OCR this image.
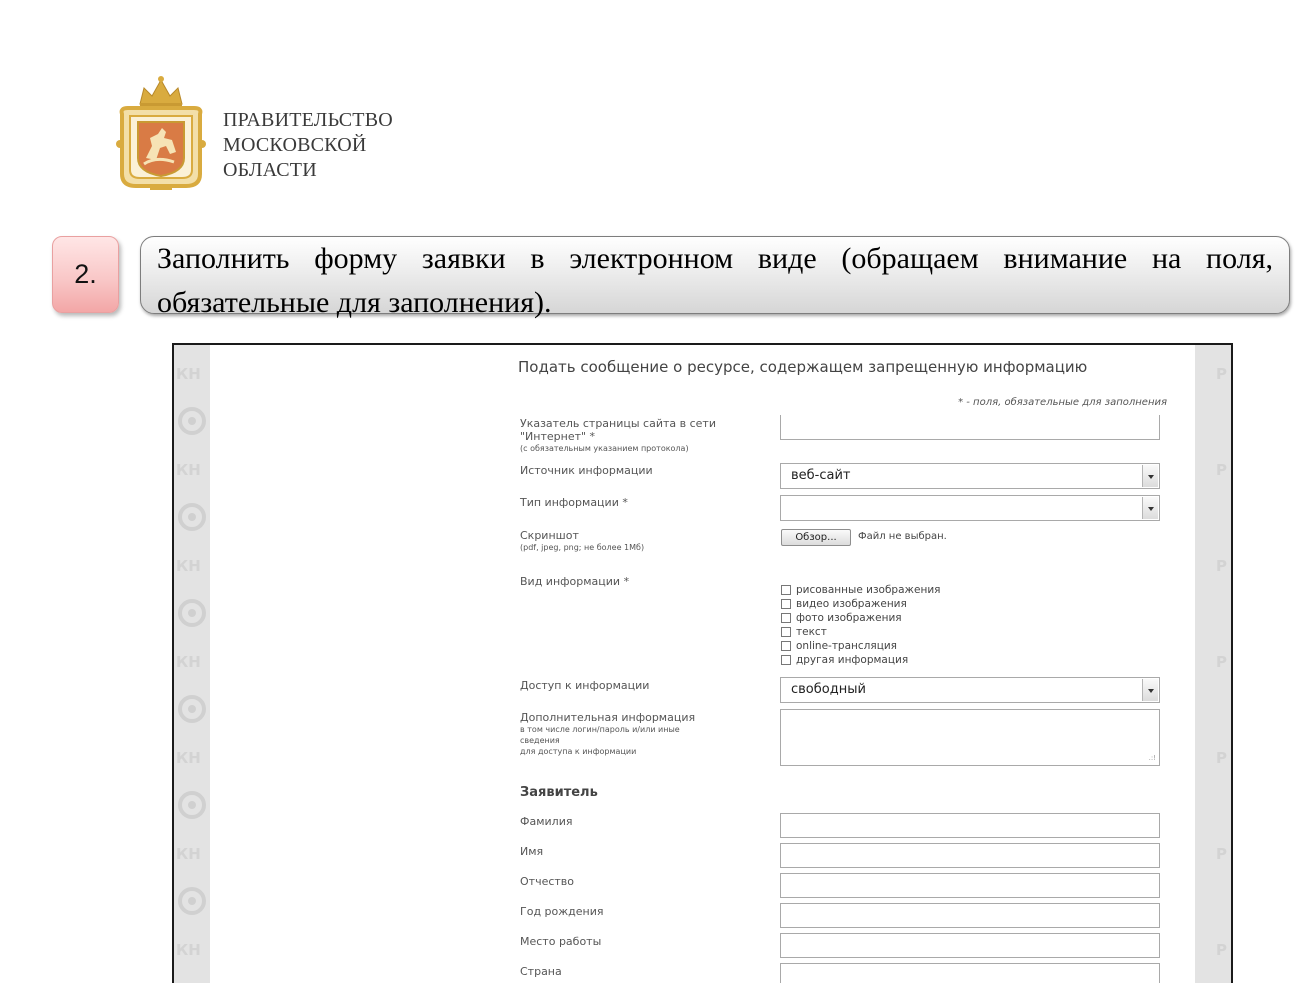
ПРАВИТЕЛЬСТВО
МОСКОВСКОЙ
ОБЛАСТИ
2.	Заполнить форму заявки в электронном виде (обращаем внимание на поля, обязательные для заполнения).

КН
КН
КН
КН
КН
КН
КН
P
P
P
P
P
P
P
Подать сообщение о ресурсе, содержащем запрещенную информацию
* - поля, обязательные для заполнения
Указатель страницы сайта в сети
"Интернет" *
(с обязательным указанием протокола)
Источник информации	веб-сайт
Тип информации *
Скриншот
(pdf, jpeg, png; не более 1Мб)
Обзор...	Файл не выбран.
Вид информации *
рисованные изображения
видео изображения
фото изображения
текст
online-трансляция
другая информация
Доступ к информации	свободный
Дополнительная информация
в том числе логин/пароль и/или иные
сведения
для доступа к информации
.:!
Заявитель
Фамилия
Имя
Отчество
Год рождения
Место работы
Страна
